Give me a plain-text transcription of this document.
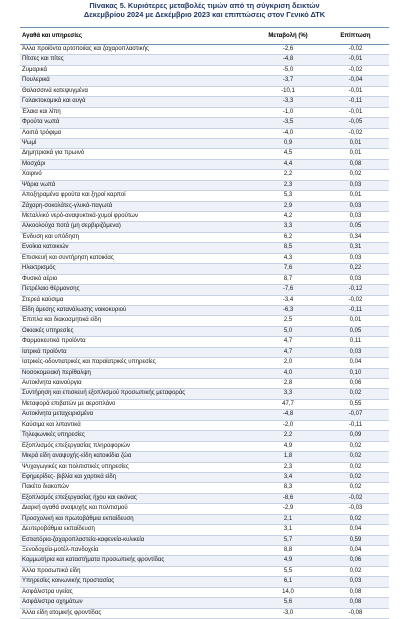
Πίνακας 5. Κυριότερες μεταβολές τιμών από τη σύγκριση δεικτών
Δεκεμβρίου 2024 με Δεκέμβριο 2023 και επιπτώσεις στον Γενικό ΔΤΚ
Αγαθά και υπηρεσίες	Μεταβολή (%)	Επίπτωση
Άλλα προϊόντα αρτοποιίας και ζαχαροπλαστικής	-2,6	-0,02
Πίτσες και πίτες	-4,8	-0,01
Ζυμαρικά	-5,0	-0,02
Πουλερικά	-3,7	-0,04
Θαλασσινά κατεψυγμένα	-10,1	-0,01
Γαλακτοκομικά και αυγά	-3,3	-0,11
Έλαια και λίπη	-1,0	-0,01
Φρούτα νωπά	-3,5	-0,05
Λοιπά τρόφιμα	-4,0	-0,02
Ψωμί	0,9	0,01
Δημητριακά για πρωινό	4,5	0,01
Μοσχάρι	4,4	0,08
Χοιρινό	2,2	0,02
Ψάρια νωπά	2,3	0,03
Αποξηραμένα φρούτα και ξηροί καρποί	5,3	0,01
Ζάχαρη-σοκολάτες-γλυκά-παγωτά	2,9	0,03
Μεταλλικό νερό-αναψυκτικά-χυμοί φρούτων	4,2	0,03
Αλκοολούχα ποτά (μη σερβιριζόμενα)	3,3	0,05
Ένδυση και υπόδηση	6,2	0,34
Ενοίκια κατοικιών	8,5	0,31
Επισκευή και συντήρηση κατοικίας	4,3	0,03
Ηλεκτρισμός	7,6	0,22
Φυσικό αέριο	8,7	0,03
Πετρέλαιο θέρμανσης	-7,6	-0,12
Στερεά καύσιμα	-3,4	-0,02
Είδη άμεσης κατανάλωσης νοικοκυριού	-6,3	-0,11
Έπιπλα και διακοσμητικά είδη	2,5	0,01
Οικιακές υπηρεσίες	5,0	0,05
Φαρμακευτικά προϊόντα	4,7	0,11
Ιατρικά προϊόντα	4,7	0,03
Ιατρικές-οδοντιατρικές και παραϊατρικές υπηρεσίες	2,0	0,04
Νοσοκομειακή περίθαλψη	4,0	0,10
Αυτοκίνητα καινούργια	2,8	0,06
Συντήρηση και επισκευή εξοπλισμού προσωπικής μεταφοράς	3,3	0,02
Μεταφορά επιβατών με αεροπλάνο	47,7	0,55
Αυτοκίνητα μεταχειρισμένα	-4,8	-0,07
Καύσιμα και λιπαντικά	-2,0	-0,11
Τηλεφωνικές υπηρεσίες	2,2	0,09
Εξοπλισμός επεξεργασίας πληροφοριών	4,9	0,02
Μικρά είδη αναψυχής-είδη κατοικίδια ζώα	1,8	0,02
Ψυχαγωγικές και πολιτιστικές υπηρεσίες	2,3	0,02
Εφημερίδες- βιβλία και χαρτικά είδη	3,4	0,02
Πακέτο διακοπών	8,3	0,02
Εξοπλισμός επεξεργασίας ήχου και εικόνας	-8,6	-0,02
Διαρκή αγαθά αναψυχής και πολιτισμού	-2,9	-0,03
Προσχολική και πρωτοβάθμια εκπαίδευση	2,1	0,02
Δευτεροβάθμια εκπαίδευση	3,1	0,04
Εστιατόρια-ζαχαροπλαστεία-καφενεία-κυλικεία	5,7	0,59
Ξενοδοχεία-μοτέλ-πανδοχεία	8,8	0,04
Κομμωτήρια και καταστήματα προσωπικής φροντίδας	4,9	0,06
Άλλα προσωπικά είδη	5,5	0,02
Υπηρεσίες κοινωνικής προστασίας	6,1	0,03
Ασφάλιστρα υγείας	14,0	0,08
Ασφάλιστρα οχημάτων	5,6	0,08
Άλλα είδη ατομικής φροντίδας	-3,0	-0,08
